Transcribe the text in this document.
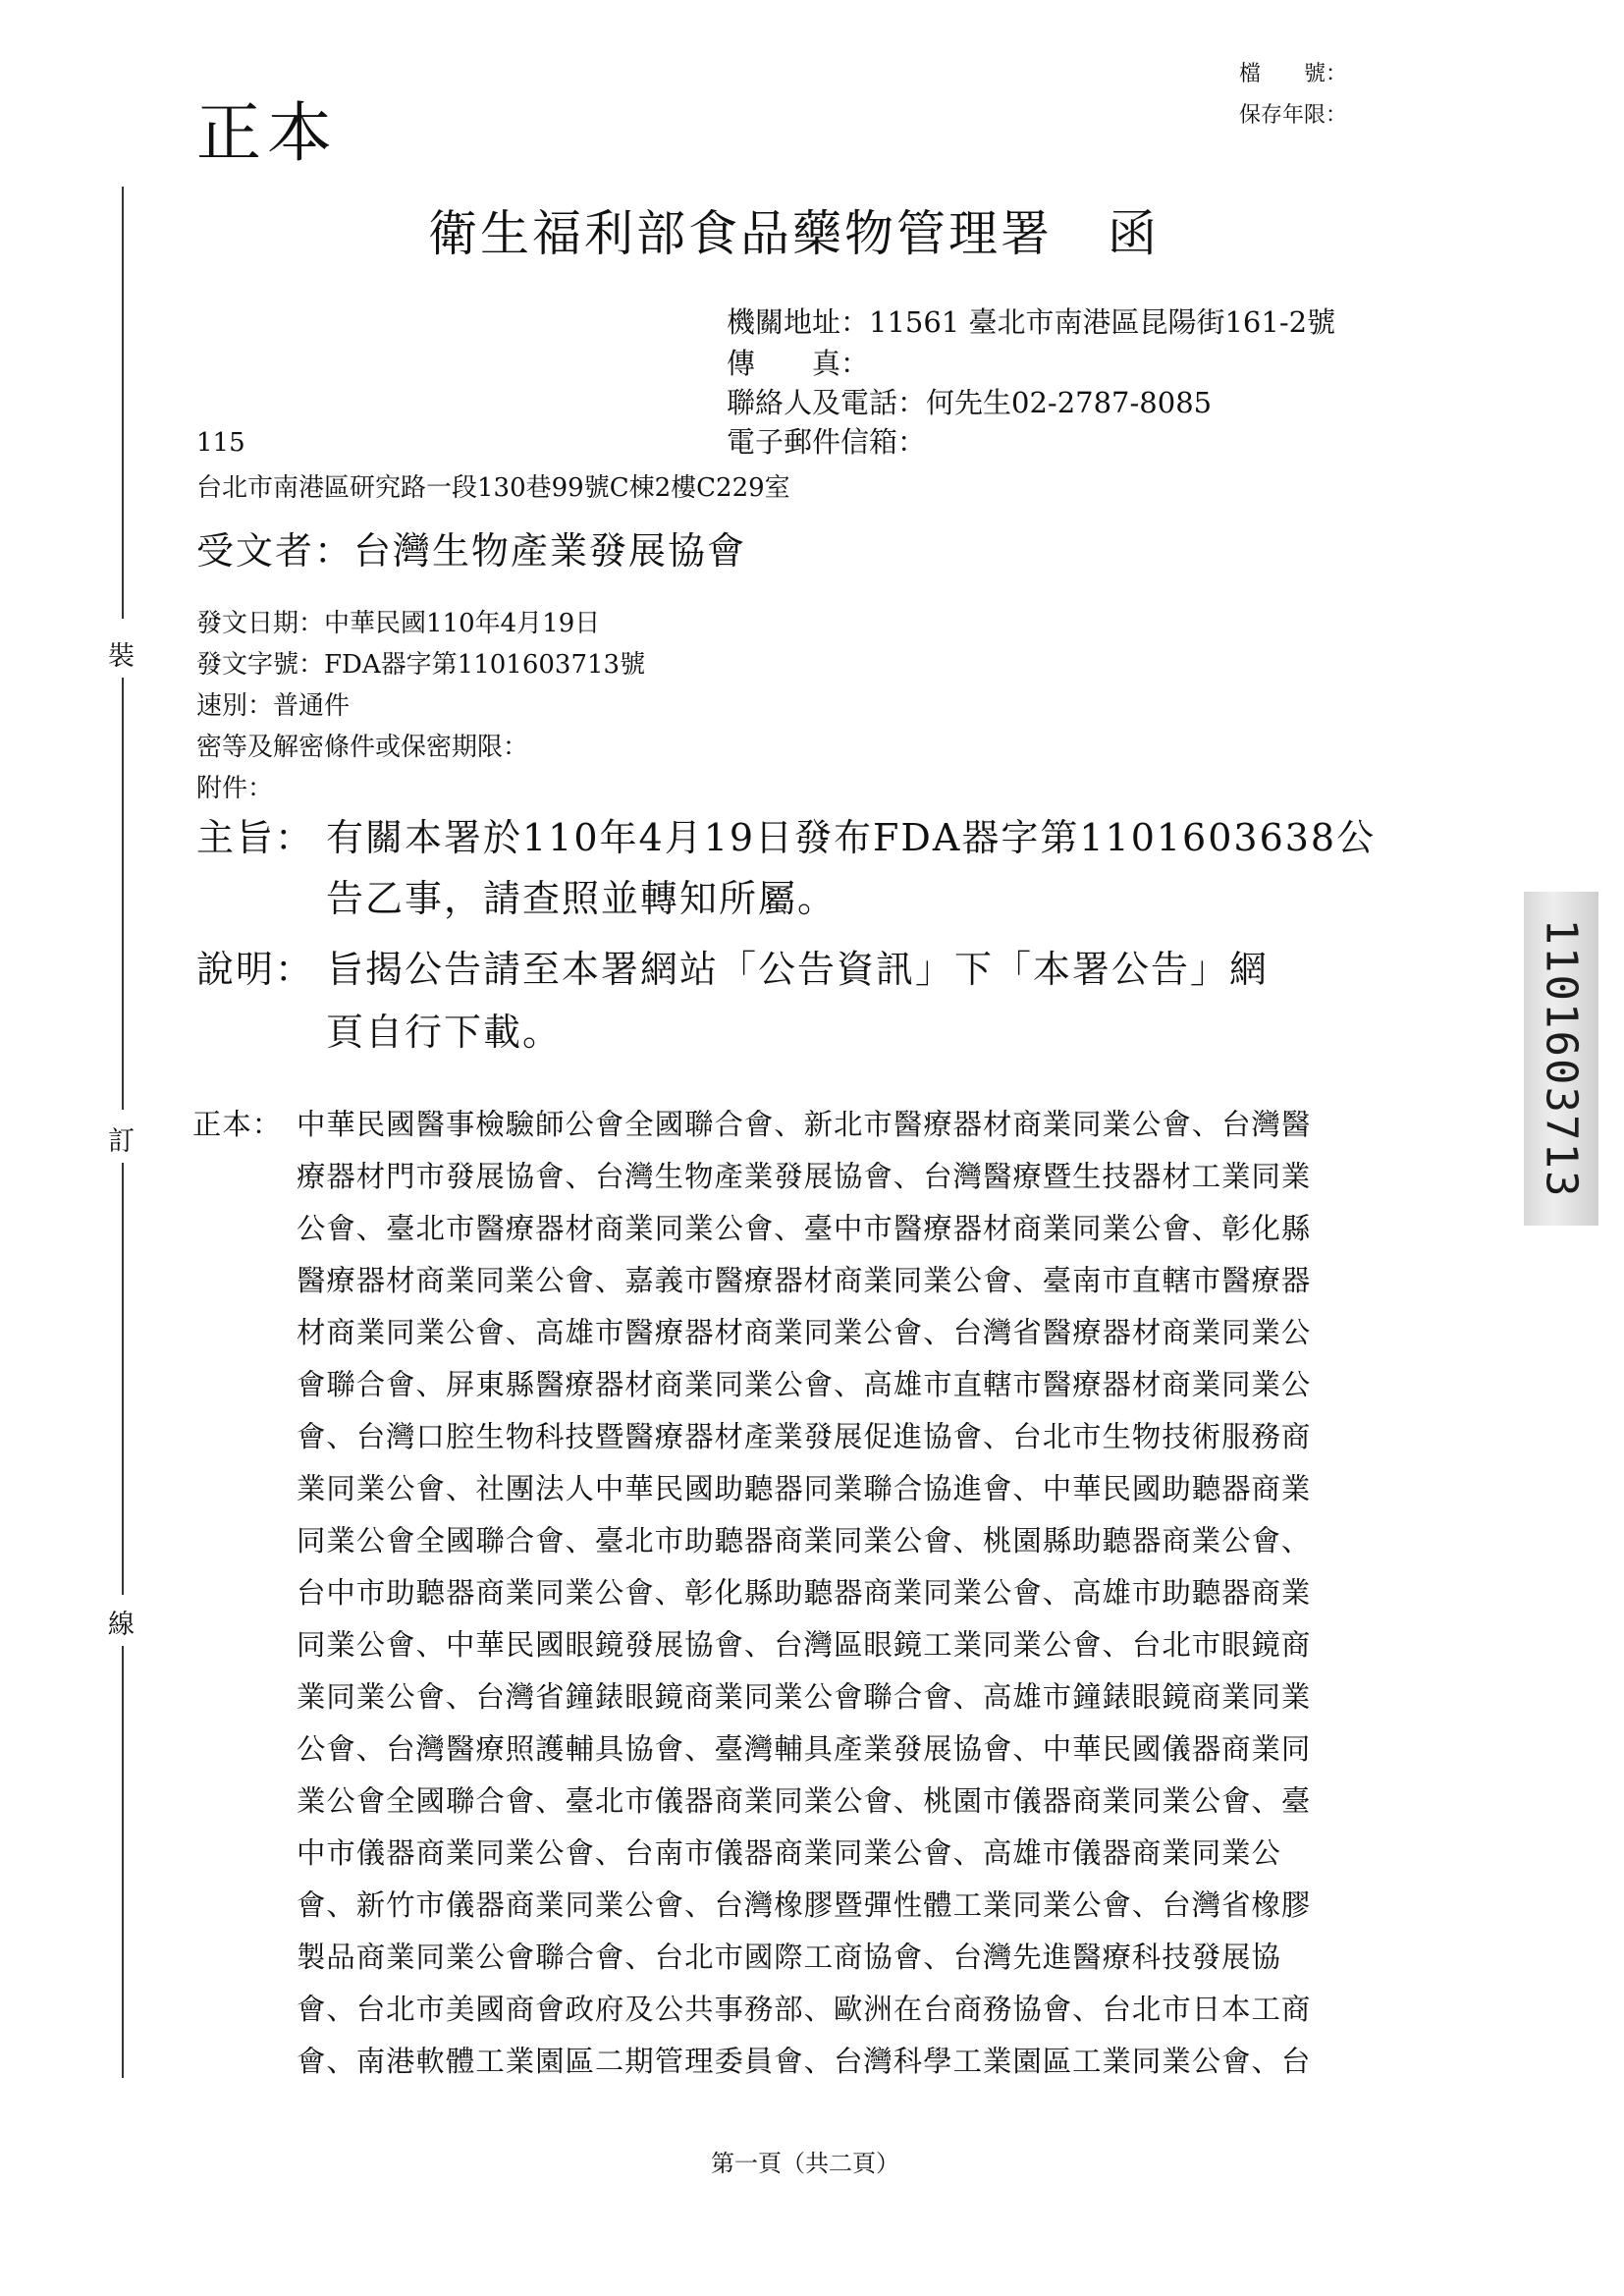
裝
訂
線
正本
檔　　號：
保存年限：
衛生福利部食品藥物管理署 函
機關地址：11561 臺北市南港區昆陽街161-2號
傳　　真：
聯絡人及電話：何先生02-2787-8085
電子郵件信箱：
115
台北市南港區研究路一段130巷99號C棟2樓C229室
受文者：台灣生物產業發展協會
發文日期：中華民國110年4月19日
發文字號：FDA器字第1101603713號
速別：普通件
密等及解密條件或保密期限：
附件：
主旨： 有關本署於110年4月19日發布FDA器字第1101603638公
告乙事，請查照並轉知所屬。
說明： 旨揭公告請至本署網站「公告資訊」下「本署公告」網
頁自行下載。
正本： 中華民國醫事檢驗師公會全國聯合會、新北市醫療器材商業同業公會、台灣醫
療器材門市發展協會、台灣生物產業發展協會、台灣醫療暨生技器材工業同業
公會、臺北市醫療器材商業同業公會、臺中市醫療器材商業同業公會、彰化縣
醫療器材商業同業公會、嘉義市醫療器材商業同業公會、臺南市直轄市醫療器
材商業同業公會、高雄市醫療器材商業同業公會、台灣省醫療器材商業同業公
會聯合會、屏東縣醫療器材商業同業公會、高雄市直轄市醫療器材商業同業公
會、台灣口腔生物科技暨醫療器材產業發展促進協會、台北市生物技術服務商
業同業公會、社團法人中華民國助聽器同業聯合協進會、中華民國助聽器商業
同業公會全國聯合會、臺北市助聽器商業同業公會、桃園縣助聽器商業公會、
台中市助聽器商業同業公會、彰化縣助聽器商業同業公會、高雄市助聽器商業
同業公會、中華民國眼鏡發展協會、台灣區眼鏡工業同業公會、台北市眼鏡商
業同業公會、台灣省鐘錶眼鏡商業同業公會聯合會、高雄市鐘錶眼鏡商業同業
公會、台灣醫療照護輔具協會、臺灣輔具產業發展協會、中華民國儀器商業同
業公會全國聯合會、臺北市儀器商業同業公會、桃園市儀器商業同業公會、臺
中市儀器商業同業公會、台南市儀器商業同業公會、高雄市儀器商業同業公
會、新竹市儀器商業同業公會、台灣橡膠暨彈性體工業同業公會、台灣省橡膠
製品商業同業公會聯合會、台北市國際工商協會、台灣先進醫療科技發展協
會、台北市美國商會政府及公共事務部、歐洲在台商務協會、台北市日本工商
會、南港軟體工業園區二期管理委員會、台灣科學工業園區工業同業公會、台
1101603713
第一頁（共二頁）
